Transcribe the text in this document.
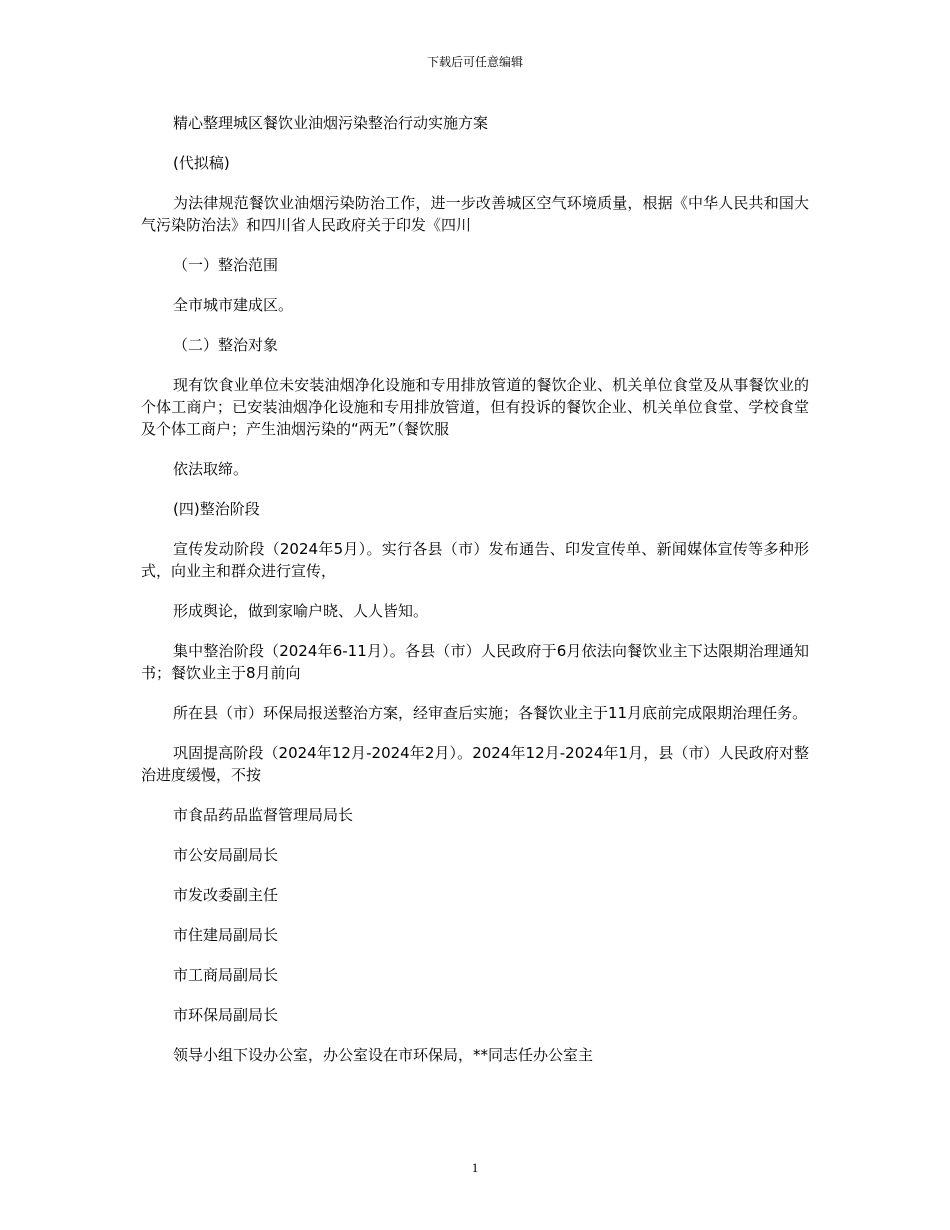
下载后可任意编辑

精心整理城区餐饮业油烟污染整治行动实施方案

(代拟稿)

为法律规范餐饮业油烟污染防治工作，进一步改善城区空气环境质量，根据《中华人民共和国大气污染防治法》和四川省人民政府关于印发《四川

（一）整治范围

全市城市建成区。

（二）整治对象

现有饮食业单位未安装油烟净化设施和专用排放管道的餐饮企业、机关单位食堂及从事餐饮业的个体工商户；已安装油烟净化设施和专用排放管道，但有投诉的餐饮企业、机关单位食堂、学校食堂及个体工商户；产生油烟污染的“两无”（餐饮服

依法取缔。

(四)整治阶段

宣传发动阶段（2024年5月）。实行各县（市）发布通告、印发宣传单、新闻媒体宣传等多种形式，向业主和群众进行宣传，

形成舆论，做到家喻户晓、人人皆知。

集中整治阶段（2024年6-11月）。各县（市）人民政府于6月依法向餐饮业主下达限期治理通知书；餐饮业主于8月前向

所在县（市）环保局报送整治方案，经审查后实施；各餐饮业主于11月底前完成限期治理任务。

巩固提高阶段（2024年12月-2024年2月）。2024年12月-2024年1月，县（市）人民政府对整治进度缓慢，不按

市食品药品监督管理局局长

市公安局副局长

市发改委副主任

市住建局副局长

市工商局副局长

市环保局副局长

领导小组下设办公室，办公室设在市环保局，**同志任办公室主

1
